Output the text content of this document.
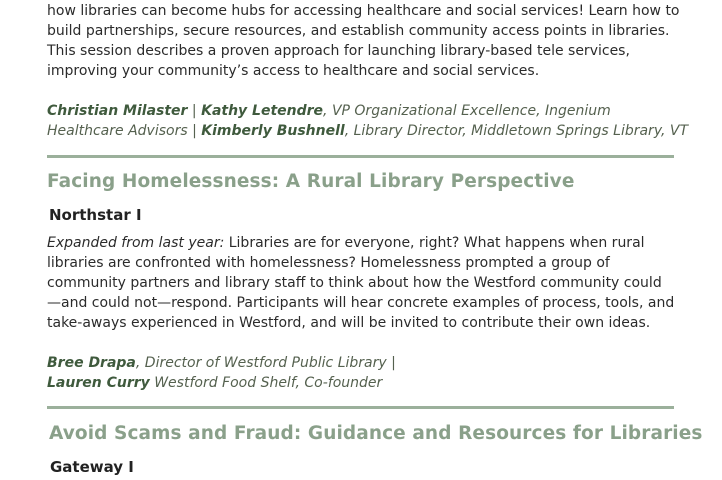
how libraries can become hubs for accessing healthcare and social services! Learn how to

build partnerships, secure resources, and establish community access points in libraries.

This session describes a proven approach for launching library-based tele services,

improving your community’s access to healthcare and social services.

Christian Milaster | Kathy Letendre, VP Organizational Excellence, Ingenium

Healthcare Advisors | Kimberly Bushnell, Library Director, Middletown Springs Library, VT

Facing Homelessness: A Rural Library Perspective
Northstar I

Expanded from last year: Libraries are for everyone, right? What happens when rural

libraries are confronted with homelessness? Homelessness prompted a group of

community partners and library staff to think about how the Westford community could

—and could not—respond. Participants will hear concrete examples of process, tools, and

take-aways experienced in Westford, and will be invited to contribute their own ideas.

Bree Drapa, Director of Westford Public Library |

Lauren Curry Westford Food Shelf, Co-founder

Avoid Scams and Fraud: Guidance and Resources for Libraries
Gateway I
